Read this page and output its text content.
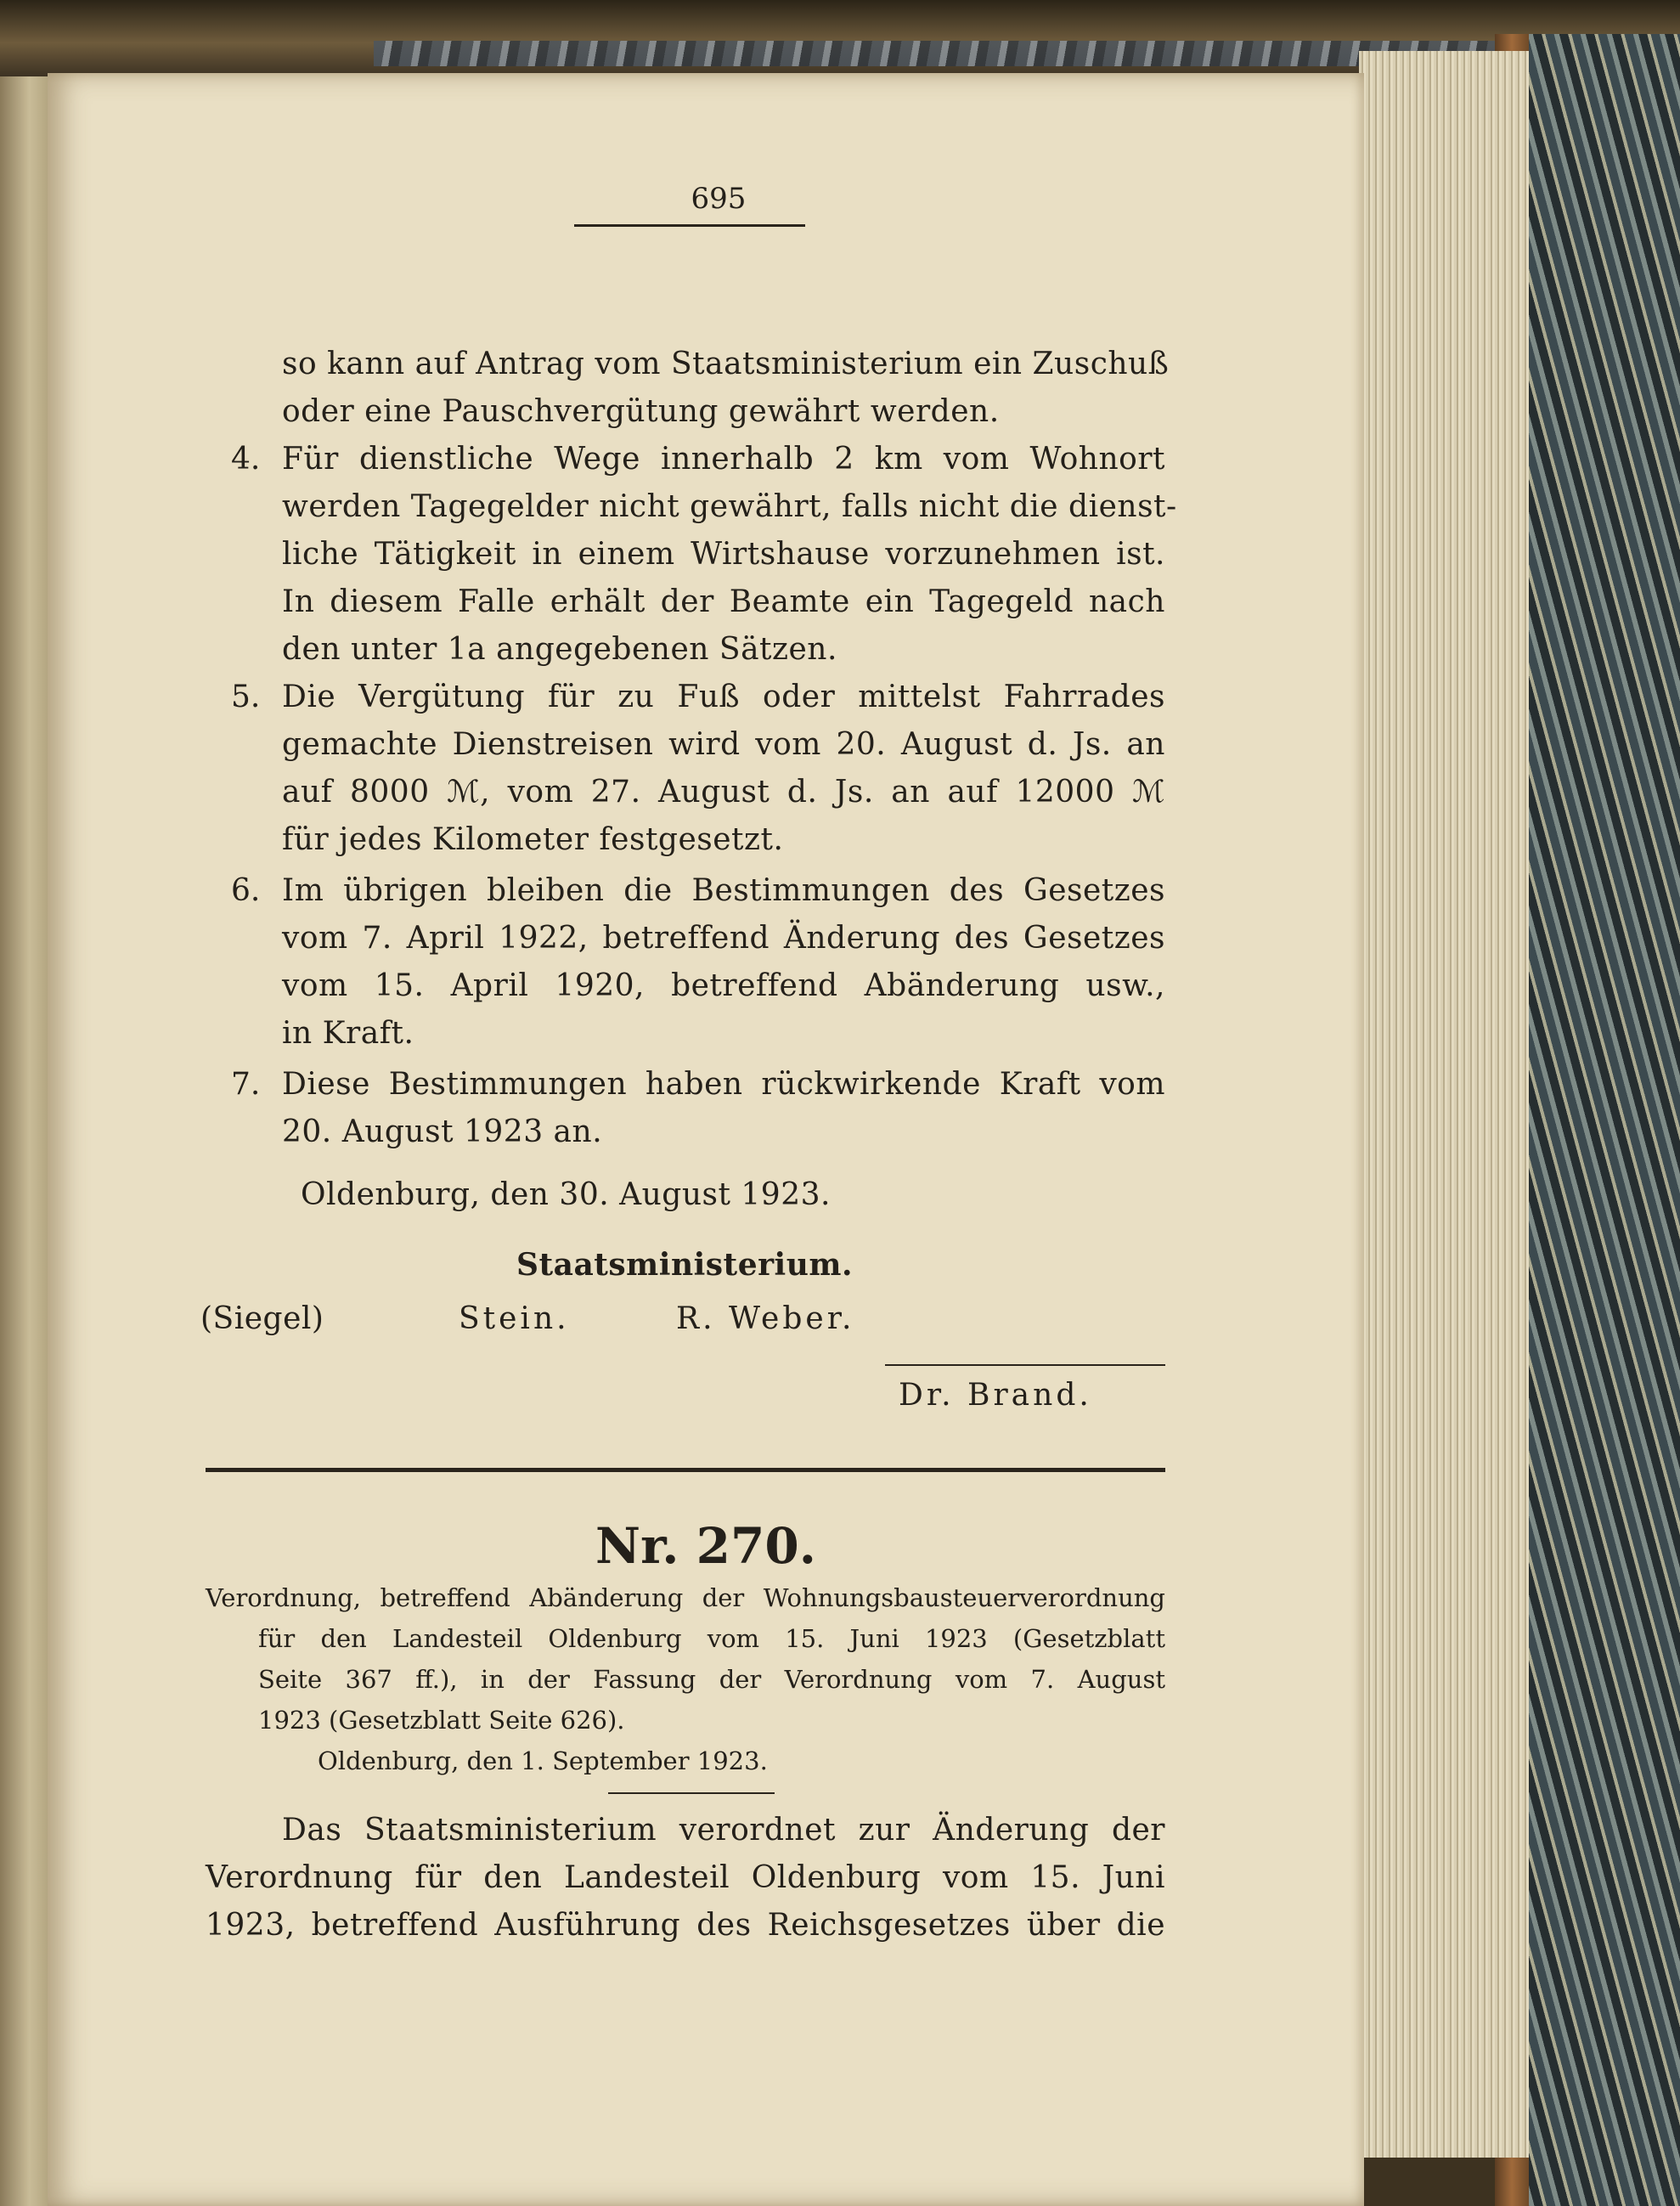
695
so kann auf Antrag vom Staatsministerium ein Zuschuß
oder eine Pauschvergütung gewährt werden.
4. Für dienstliche Wege innerhalb 2 km vom Wohnort
werden Tagegelder nicht gewährt, falls nicht die dienst-
liche Tätigkeit in einem Wirtshause vorzunehmen ist.
In diesem Falle erhält der Beamte ein Tagegeld nach
den unter 1a angegebenen Sätzen.
5. Die Vergütung für zu Fuß oder mittelst Fahrrades
gemachte Dienstreisen wird vom 20. August d. Js. an
auf 8000 ℳ, vom 27. August d. Js. an auf 12000 ℳ
für jedes Kilometer festgesetzt.
6. Im übrigen bleiben die Bestimmungen des Gesetzes
vom 7. April 1922, betreffend Änderung des Gesetzes
vom 15. April 1920, betreffend Abänderung usw.,
in Kraft.
7. Diese Bestimmungen haben rückwirkende Kraft vom
20. August 1923 an.
Oldenburg, den 30. August 1923.
Staatsministerium.
(Siegel)	Stein.	R. Weber.
Dr. Brand.
Nr. 270.
Verordnung, betreffend Abänderung der Wohnungsbausteuerverordnung
für den Landesteil Oldenburg vom 15. Juni 1923 (Gesetzblatt
Seite 367 ff.), in der Fassung der Verordnung vom 7. August
1923 (Gesetzblatt Seite 626).
Oldenburg, den 1. September 1923.
Das Staatsministerium verordnet zur Änderung der
Verordnung für den Landesteil Oldenburg vom 15. Juni
1923, betreffend Ausführung des Reichsgesetzes über die
